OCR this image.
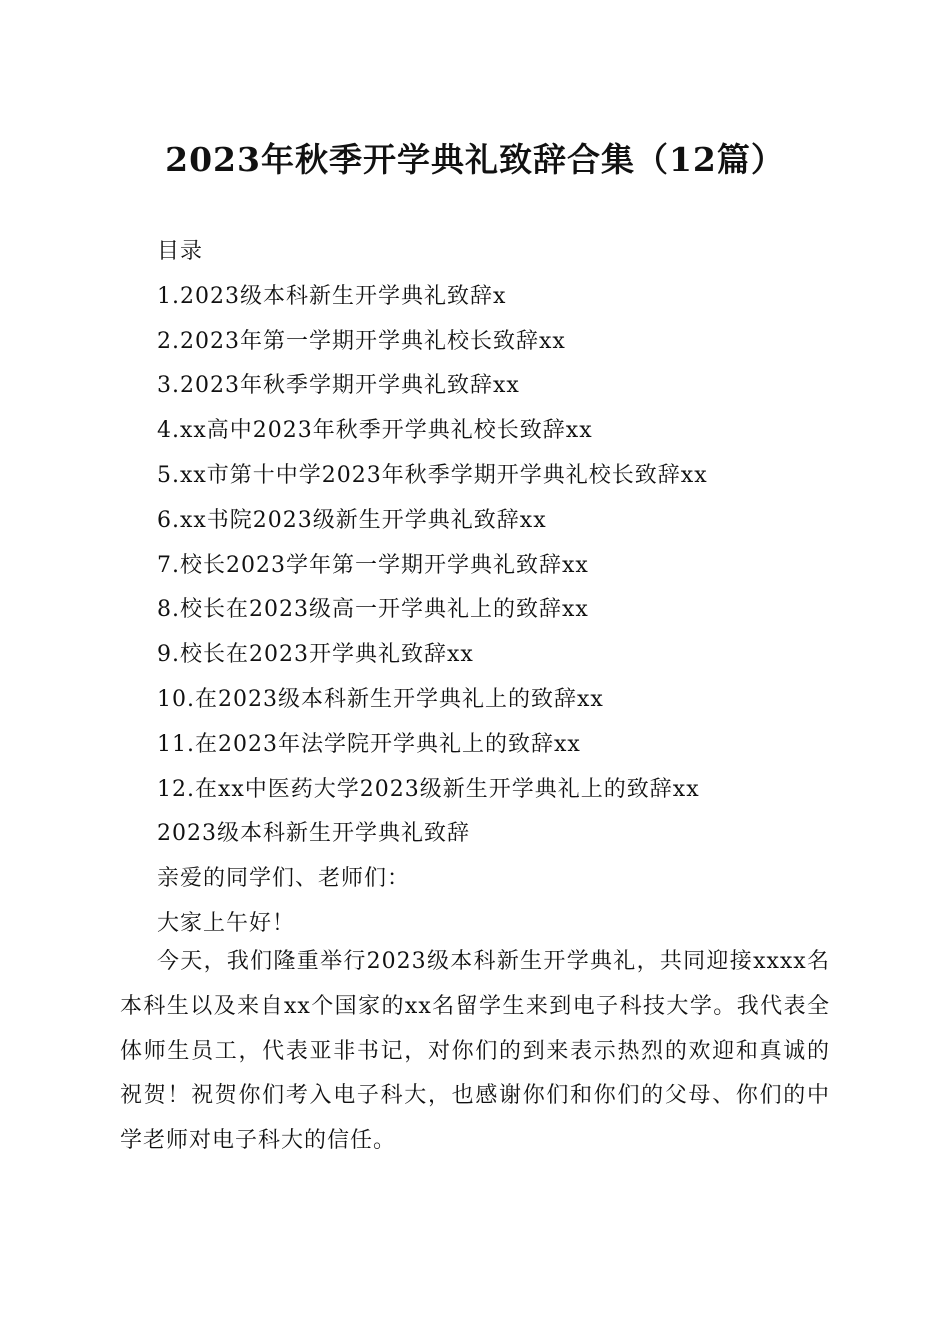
2023年秋季开学典礼致辞合集（12篇）
目录
1.2023级本科新生开学典礼致辞x
2.2023年第一学期开学典礼校长致辞xx
3.2023年秋季学期开学典礼致辞xx
4.xx高中2023年秋季开学典礼校长致辞xx
5.xx市第十中学2023年秋季学期开学典礼校长致辞xx
6.xx书院2023级新生开学典礼致辞xx
7.校长2023学年第一学期开学典礼致辞xx
8.校长在2023级高一开学典礼上的致辞xx
9.校长在2023开学典礼致辞xx
10.在2023级本科新生开学典礼上的致辞xx
11.在2023年法学院开学典礼上的致辞xx
12.在xx中医药大学2023级新生开学典礼上的致辞xx
2023级本科新生开学典礼致辞
亲爱的同学们、老师们：
大家上午好！

今天，我们隆重举行2023级本科新生开学典礼，共同迎接xxxx名本科生以及来自xx个国家的xx名留学生来到电子科技大学。我代表全体师生员工，代表亚非书记，对你们的到来表示热烈的欢迎和真诚的祝贺！祝贺你们考入电子科大，也感谢你们和你们的父母、你们的中学老师对电子科大的信任。
